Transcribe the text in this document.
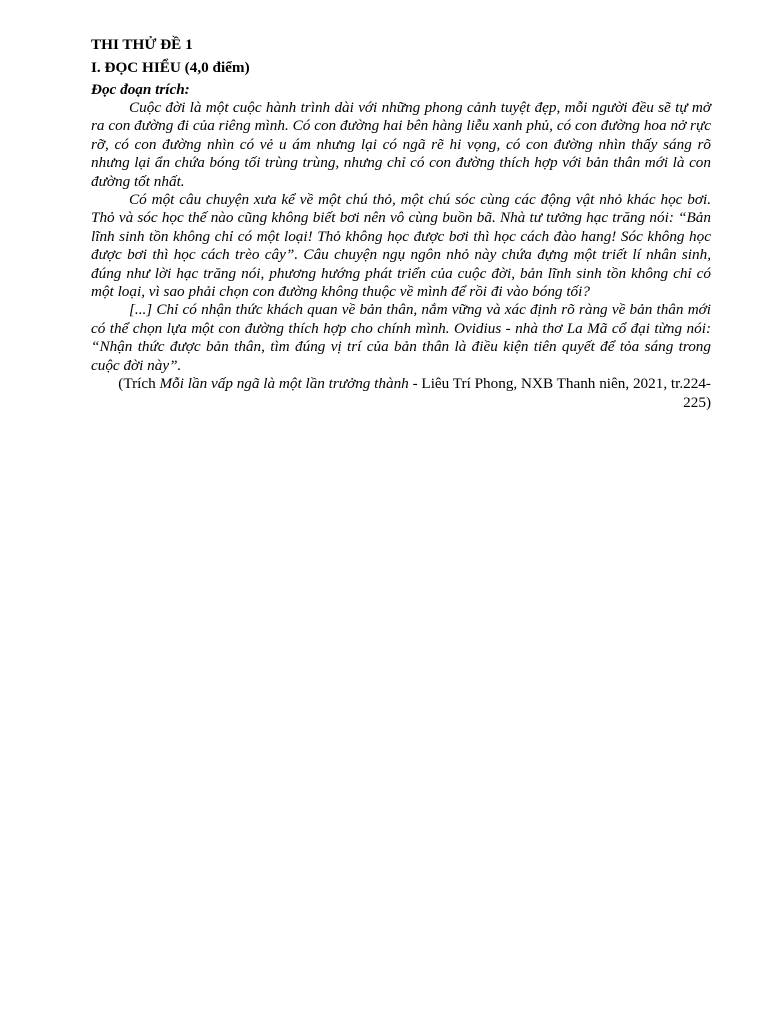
THI THỬ ĐỀ 1

I. ĐỌC HIỂU (4,0 điểm)

Đọc đoạn trích:

Cuộc đời là một cuộc hành trình dài với những phong cảnh tuyệt đẹp, mỗi người đều sẽ tự mở ra con đường đi của riêng mình. Có con đường hai bên hàng liễu xanh phủ, có con đường hoa nở rực rỡ, có con đường nhìn có vẻ u ám nhưng lại có ngã rẽ hi vọng, có con đường nhìn thấy sáng rõ nhưng lại ẩn chứa bóng tối trùng trùng, nhưng chỉ có con đường thích hợp với bản thân mới là con đường tốt nhất.

Có một câu chuyện xưa kể về một chú thỏ, một chú sóc cùng các động vật nhỏ khác học bơi. Thỏ và sóc học thế nào cũng không biết bơi nên vô cùng buồn bã. Nhà tư tưởng hạc trăng nói: “Bản lĩnh sinh tồn không chỉ có một loại! Thỏ không học được bơi thì học cách đào hang! Sóc không học được bơi thì học cách trèo cây”. Câu chuyện ngụ ngôn nhỏ này chứa đựng một triết lí nhân sinh, đúng như lời hạc trăng nói, phương hướng phát triển của cuộc đời, bản lĩnh sinh tồn không chỉ có một loại, vì sao phải chọn con đường không thuộc về mình để rồi đi vào bóng tối?

[...] Chỉ có nhận thức khách quan về bản thân, nắm vững và xác định rõ ràng về bản thân mới có thể chọn lựa một con đường thích hợp cho chính mình. Ovidius - nhà thơ La Mã cổ đại từng nói: “Nhận thức được bản thân, tìm đúng vị trí của bản thân là điều kiện tiên quyết để tỏa sáng trong cuộc đời này”.

(Trích Mỗi lần vấp ngã là một lần trưởng thành - Liêu Trí Phong, NXB Thanh niên, 2021, tr.224-225)
